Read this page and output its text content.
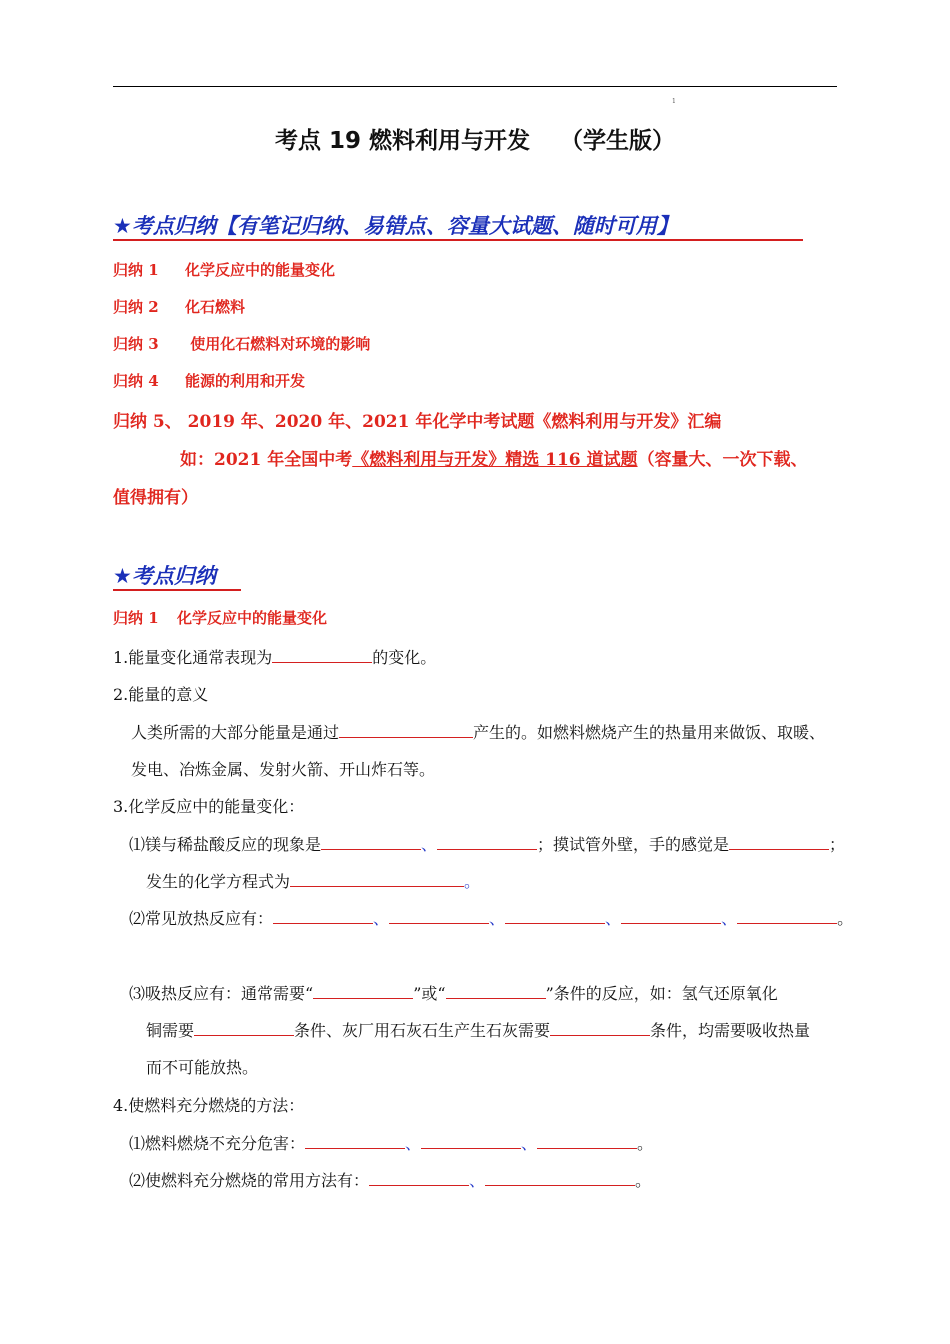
1
考点 19 燃料利用与开发 （学生版）
★考点归纳【有笔记归纳、易错点、容量大试题、随时可用】
归纳 1 化学反应中的能量变化
归纳 2 化石燃料
归纳 3 使用化石燃料对环境的影响
归纳 4 能源的利用和开发
归纳 5、 2019 年、2020 年、2021 年化学中考试题《燃料利用与开发》汇编
如：2021 年全国中考《燃料利用与开发》精选 116 道试题（容量大、一次下载、
值得拥有）
★考点归纳
归纳 1 化学反应中的能量变化
1.能量变化通常表现为	的变化。
2.能量的意义
人类所需的大部分能量是通过	产生的。如燃料燃烧产生的热量用来做饭、取暖、
发电、冶炼金属、发射火箭、开山炸石等。
3.化学反应中的能量变化：
⑴镁与稀盐酸反应的现象是	、	；摸试管外壁，手的感觉是	；
发生的化学方程式为	。
⑵常见放热反应有：	、	、	、	、	。
⑶吸热反应有：通常需要“	”或“	”条件的反应，如：氢气还原氧化
铜需要	条件、灰厂用石灰石生产生石灰需要	条件，均需要吸收热量
而不可能放热。
4.使燃料充分燃烧的方法：
⑴燃料燃烧不充分危害：	、	、	。
⑵使燃料充分燃烧的常用方法有：	、	。
